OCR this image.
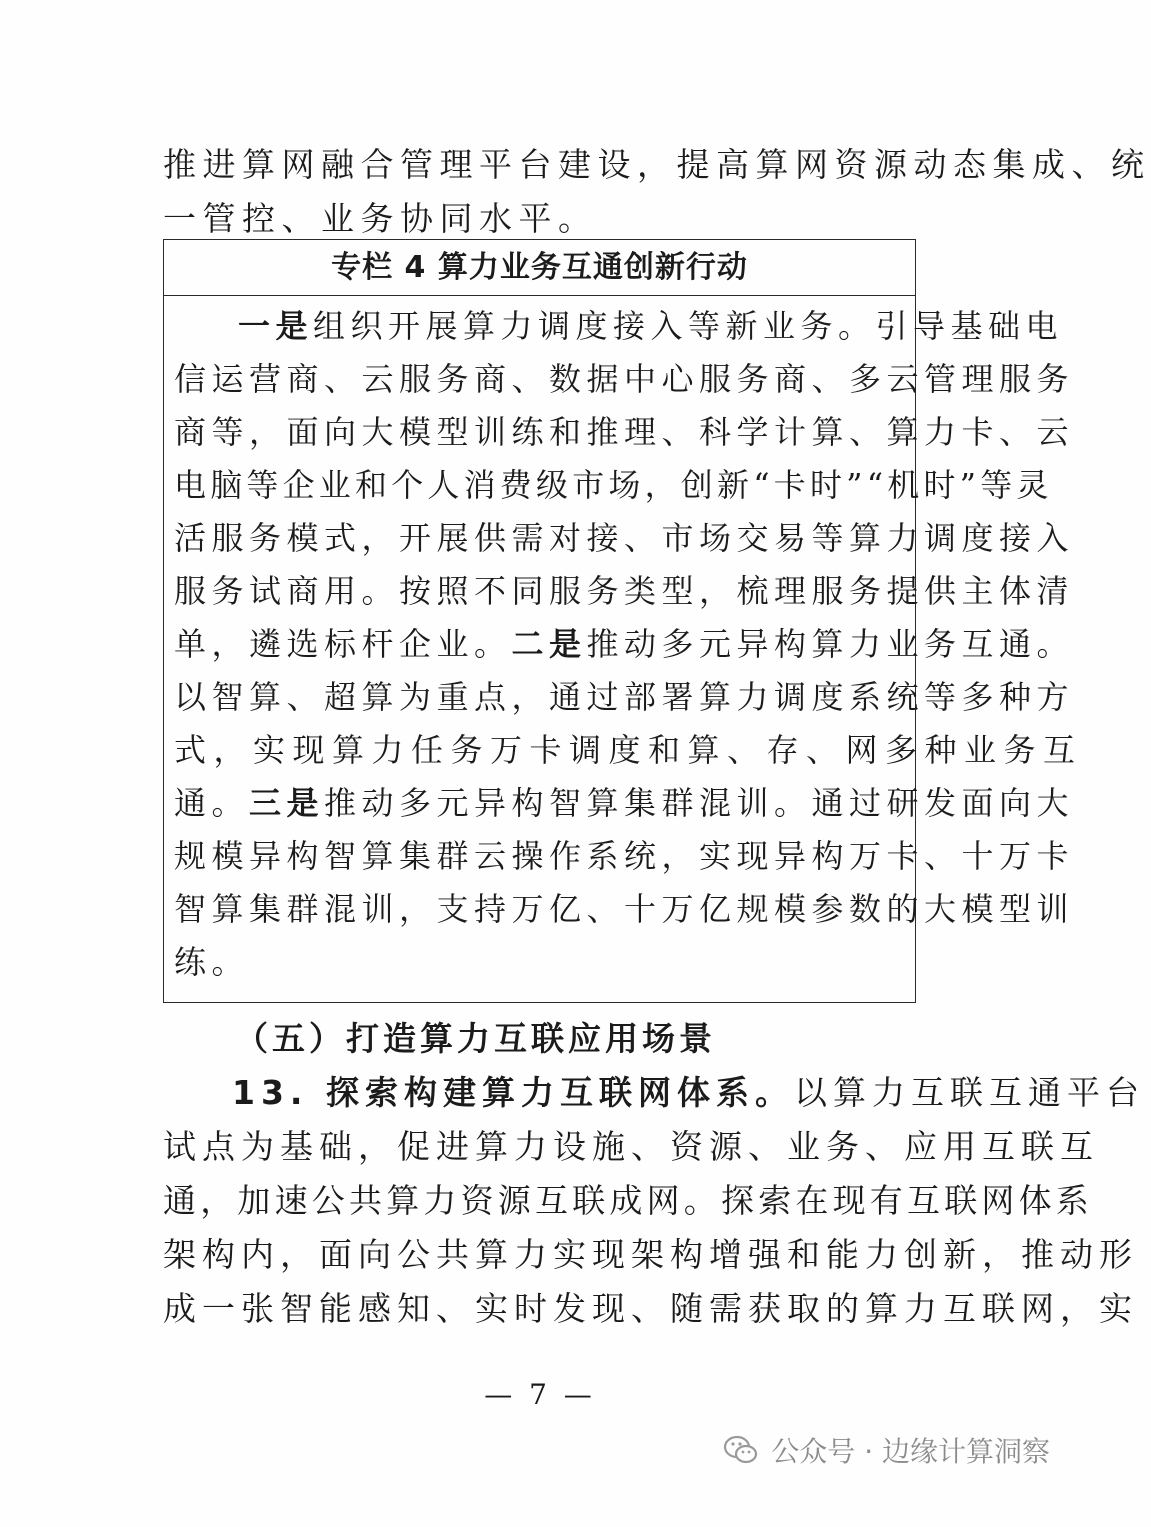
推进算网融合管理平台建设，提高算网资源动态集成、统
一管控、业务协同水平。
专栏 4 算力业务互通创新行动
一是组织开展算力调度接入等新业务。引导基础电
信运营商、云服务商、数据中心服务商、多云管理服务
商等，面向大模型训练和推理、科学计算、算力卡、云
电脑等企业和个人消费级市场，创新“卡时”“机时”等灵
活服务模式，开展供需对接、市场交易等算力调度接入
服务试商用。按照不同服务类型，梳理服务提供主体清
单，遴选标杆企业。二是推动多元异构算力业务互通。
以智算、超算为重点，通过部署算力调度系统等多种方
式，实现算力任务万卡调度和算、存、网多种业务互
通。三是推动多元异构智算集群混训。通过研发面向大
规模异构智算集群云操作系统，实现异构万卡、十万卡
智算集群混训，支持万亿、十万亿规模参数的大模型训
练。
（五）打造算力互联应用场景
13. 探索构建算力互联网体系。以算力互联互通平台
试点为基础，促进算力设施、资源、业务、应用互联互
通，加速公共算力资源互联成网。探索在现有互联网体系
架构内，面向公共算力实现架构增强和能力创新，推动形
成一张智能感知、实时发现、随需获取的算力互联网，实
— 7 —
公众号 · 边缘计算洞察
